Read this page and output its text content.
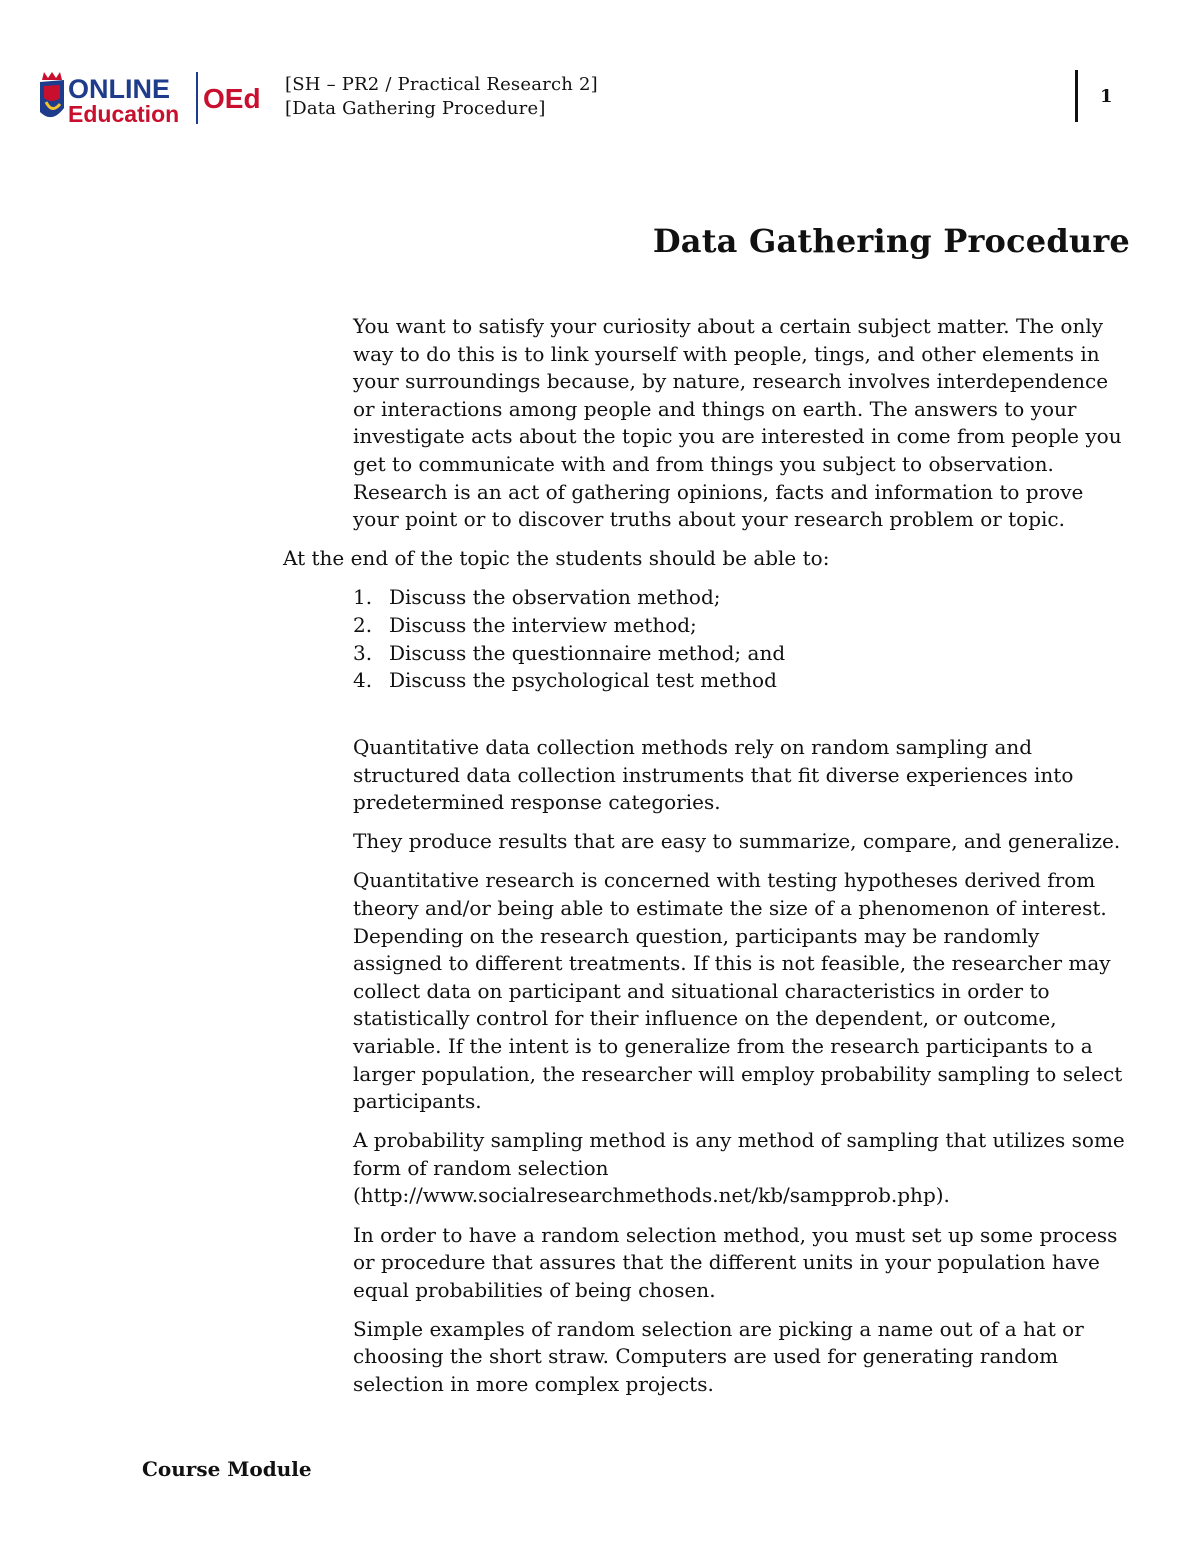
ONLINE
Education OEd [SH – PR2 / Practical Research 2]
[Data Gathering Procedure]
1
Data Gathering Procedure

You want to satisfy your curiosity about a certain subject matter. The only way to do this is to link yourself with people, tings, and other elements in your surroundings because, by nature, research involves interdependence or interactions among people and things on earth. The answers to your investigate acts about the topic you are interested in come from people you get to communicate with and from things you subject to observation. Research is an act of gathering opinions, facts and information to prove your point or to discover truths about your research problem or topic.

At the end of the topic the students should be able to:

1. Discuss the observation method;
2. Discuss the interview method;
3. Discuss the questionnaire method; and
4. Discuss the psychological test method

Quantitative data collection methods rely on random sampling and structured data collection instruments that fit diverse experiences into predetermined response categories.

They produce results that are easy to summarize, compare, and generalize.

Quantitative research is concerned with testing hypotheses derived from theory and/or being able to estimate the size of a phenomenon of interest. Depending on the research question, participants may be randomly assigned to different treatments. If this is not feasible, the researcher may collect data on participant and situational characteristics in order to statistically control for their influence on the dependent, or outcome, variable. If the intent is to generalize from the research participants to a larger population, the researcher will employ probability sampling to select participants.

A probability sampling method is any method of sampling that utilizes some form of random selection (http://www.socialresearchmethods.net/kb/sampprob.php).

In order to have a random selection method, you must set up some process or procedure that assures that the different units in your population have equal probabilities of being chosen.

Simple examples of random selection are picking a name out of a hat or choosing the short straw. Computers are used for generating random selection in more complex projects.

Course Module
